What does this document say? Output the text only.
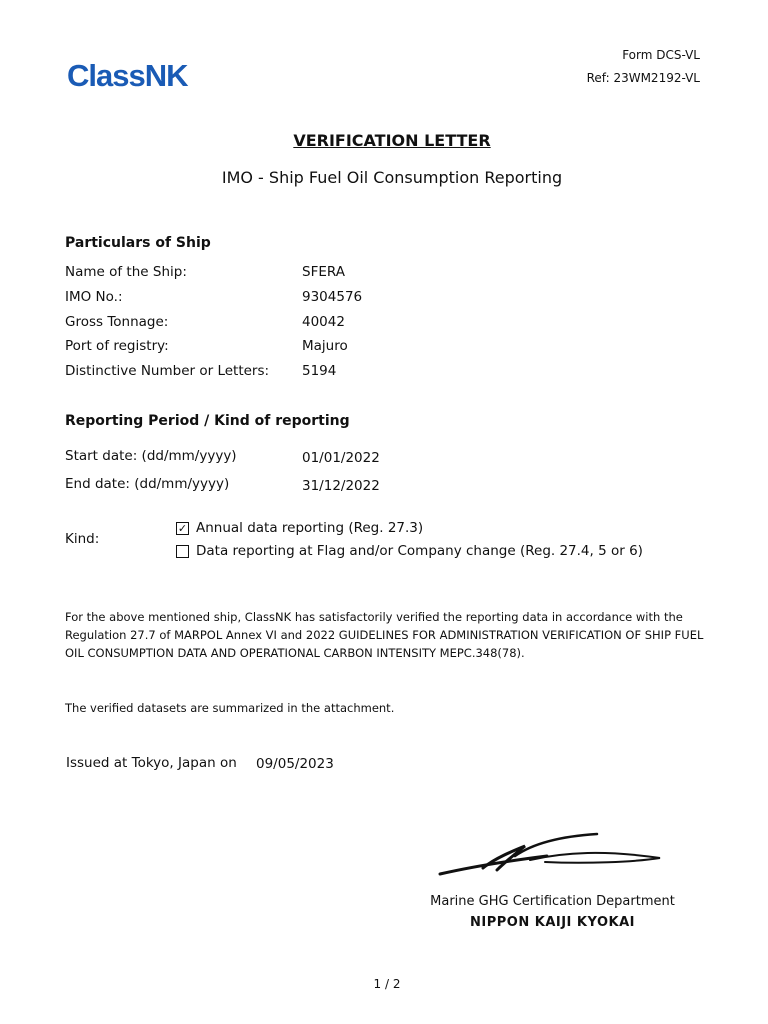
ClassNK
Form DCS-VL
Ref: 23WM2192-VL
VERIFICATION LETTER
IMO - Ship Fuel Oil Consumption Reporting
Particulars of Ship
Name of the Ship:	SFERA
IMO No.:	9304576
Gross Tonnage:	40042
Port of registry:	Majuro
Distinctive Number or Letters: 5194
Reporting Period / Kind of reporting
Start date: (dd/mm/yyyy)	01/01/2022
End date: (dd/mm/yyyy)	31/12/2022
Kind:
✓ Annual data reporting (Reg. 27.3)
Data reporting at Flag and/or Company change (Reg. 27.4, 5 or 6)
For the above mentioned ship, ClassNK has satisfactorily verified the reporting data in accordance with the Regulation 27.7 of MARPOL Annex VI and 2022 GUIDELINES FOR ADMINISTRATION VERIFICATION OF SHIP FUEL OIL CONSUMPTION DATA AND OPERATIONAL CARBON INTENSITY MEPC.348(78).
The verified datasets are summarized in the attachment.
Issued at Tokyo, Japan on 09/05/2023
Marine GHG Certification Department
NIPPON KAIJI KYOKAI
1 / 2
